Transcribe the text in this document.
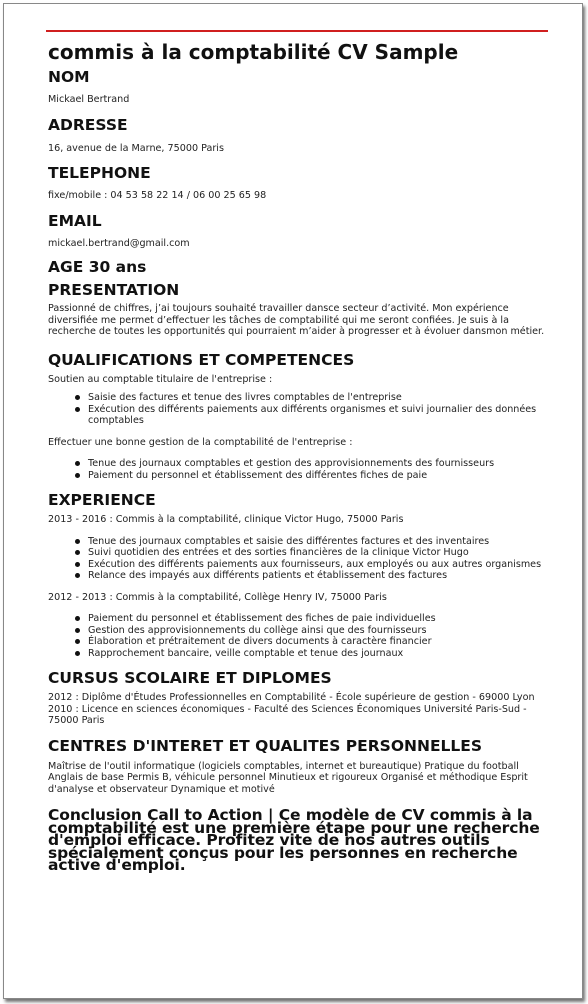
commis à la comptabilité CV Sample
NOM

Mickael Bertrand

ADRESSE

16, avenue de la Marne, 75000 Paris

TELEPHONE

fixe/mobile : 04 53 58 22 14 / 06 00 25 65 98

EMAIL

mickael.bertrand@gmail.com

AGE 30 ans
PRESENTATION

Passionné de chiffres, j’ai toujours souhaité travailler dansce secteur d’activité. Mon expérience diversifiée me permet d’effectuer les tâches de comptabilité qui me seront confiées. Je suis à la recherche de toutes les opportunités qui pourraient m’aider à progresser et à évoluer dansmon métier.

QUALIFICATIONS ET COMPETENCES

Soutien au comptable titulaire de l'entreprise :

Saisie des factures et tenue des livres comptables de l'entreprise
Exécution des différents paiements aux différents organismes et suivi journalier des données comptables

Effectuer une bonne gestion de la comptabilité de l'entreprise :

Tenue des journaux comptables et gestion des approvisionnements des fournisseurs
Paiement du personnel et établissement des différentes fiches de paie
EXPERIENCE

2013 - 2016 : Commis à la comptabilité, clinique Victor Hugo, 75000 Paris

Tenue des journaux comptables et saisie des différentes factures et des inventaires
Suivi quotidien des entrées et des sorties financières de la clinique Victor Hugo
Exécution des différents paiements aux fournisseurs, aux employés ou aux autres organismes
Relance des impayés aux différents patients et établissement des factures

2012 - 2013 : Commis à la comptabilité, Collège Henry IV, 75000 Paris

Paiement du personnel et établissement des fiches de paie individuelles
Gestion des approvisionnements du collège ainsi que des fournisseurs
Élaboration et prétraitement de divers documents à caractère financier
Rapprochement bancaire, veille comptable et tenue des journaux
CURSUS SCOLAIRE ET DIPLOMES

2012 : Diplôme d'Études Professionnelles en Comptabilité - École supérieure de gestion - 69000 Lyon 2010 : Licence en sciences économiques - Faculté des Sciences Économiques Université Paris-Sud - 75000 Paris

CENTRES D'INTERET ET QUALITES PERSONNELLES

Maîtrise de l'outil informatique (logiciels comptables, internet et bureautique) Pratique du football Anglais de base Permis B, véhicule personnel Minutieux et rigoureux Organisé et méthodique Esprit d'analyse et observateur Dynamique et motivé

Conclusion Call to Action | Ce modèle de CV commis à la comptabilité est une première étape pour une recherche d'emploi efficace. Profitez vite de nos autres outils spécialement conçus pour les personnes en recherche active d'emploi.
